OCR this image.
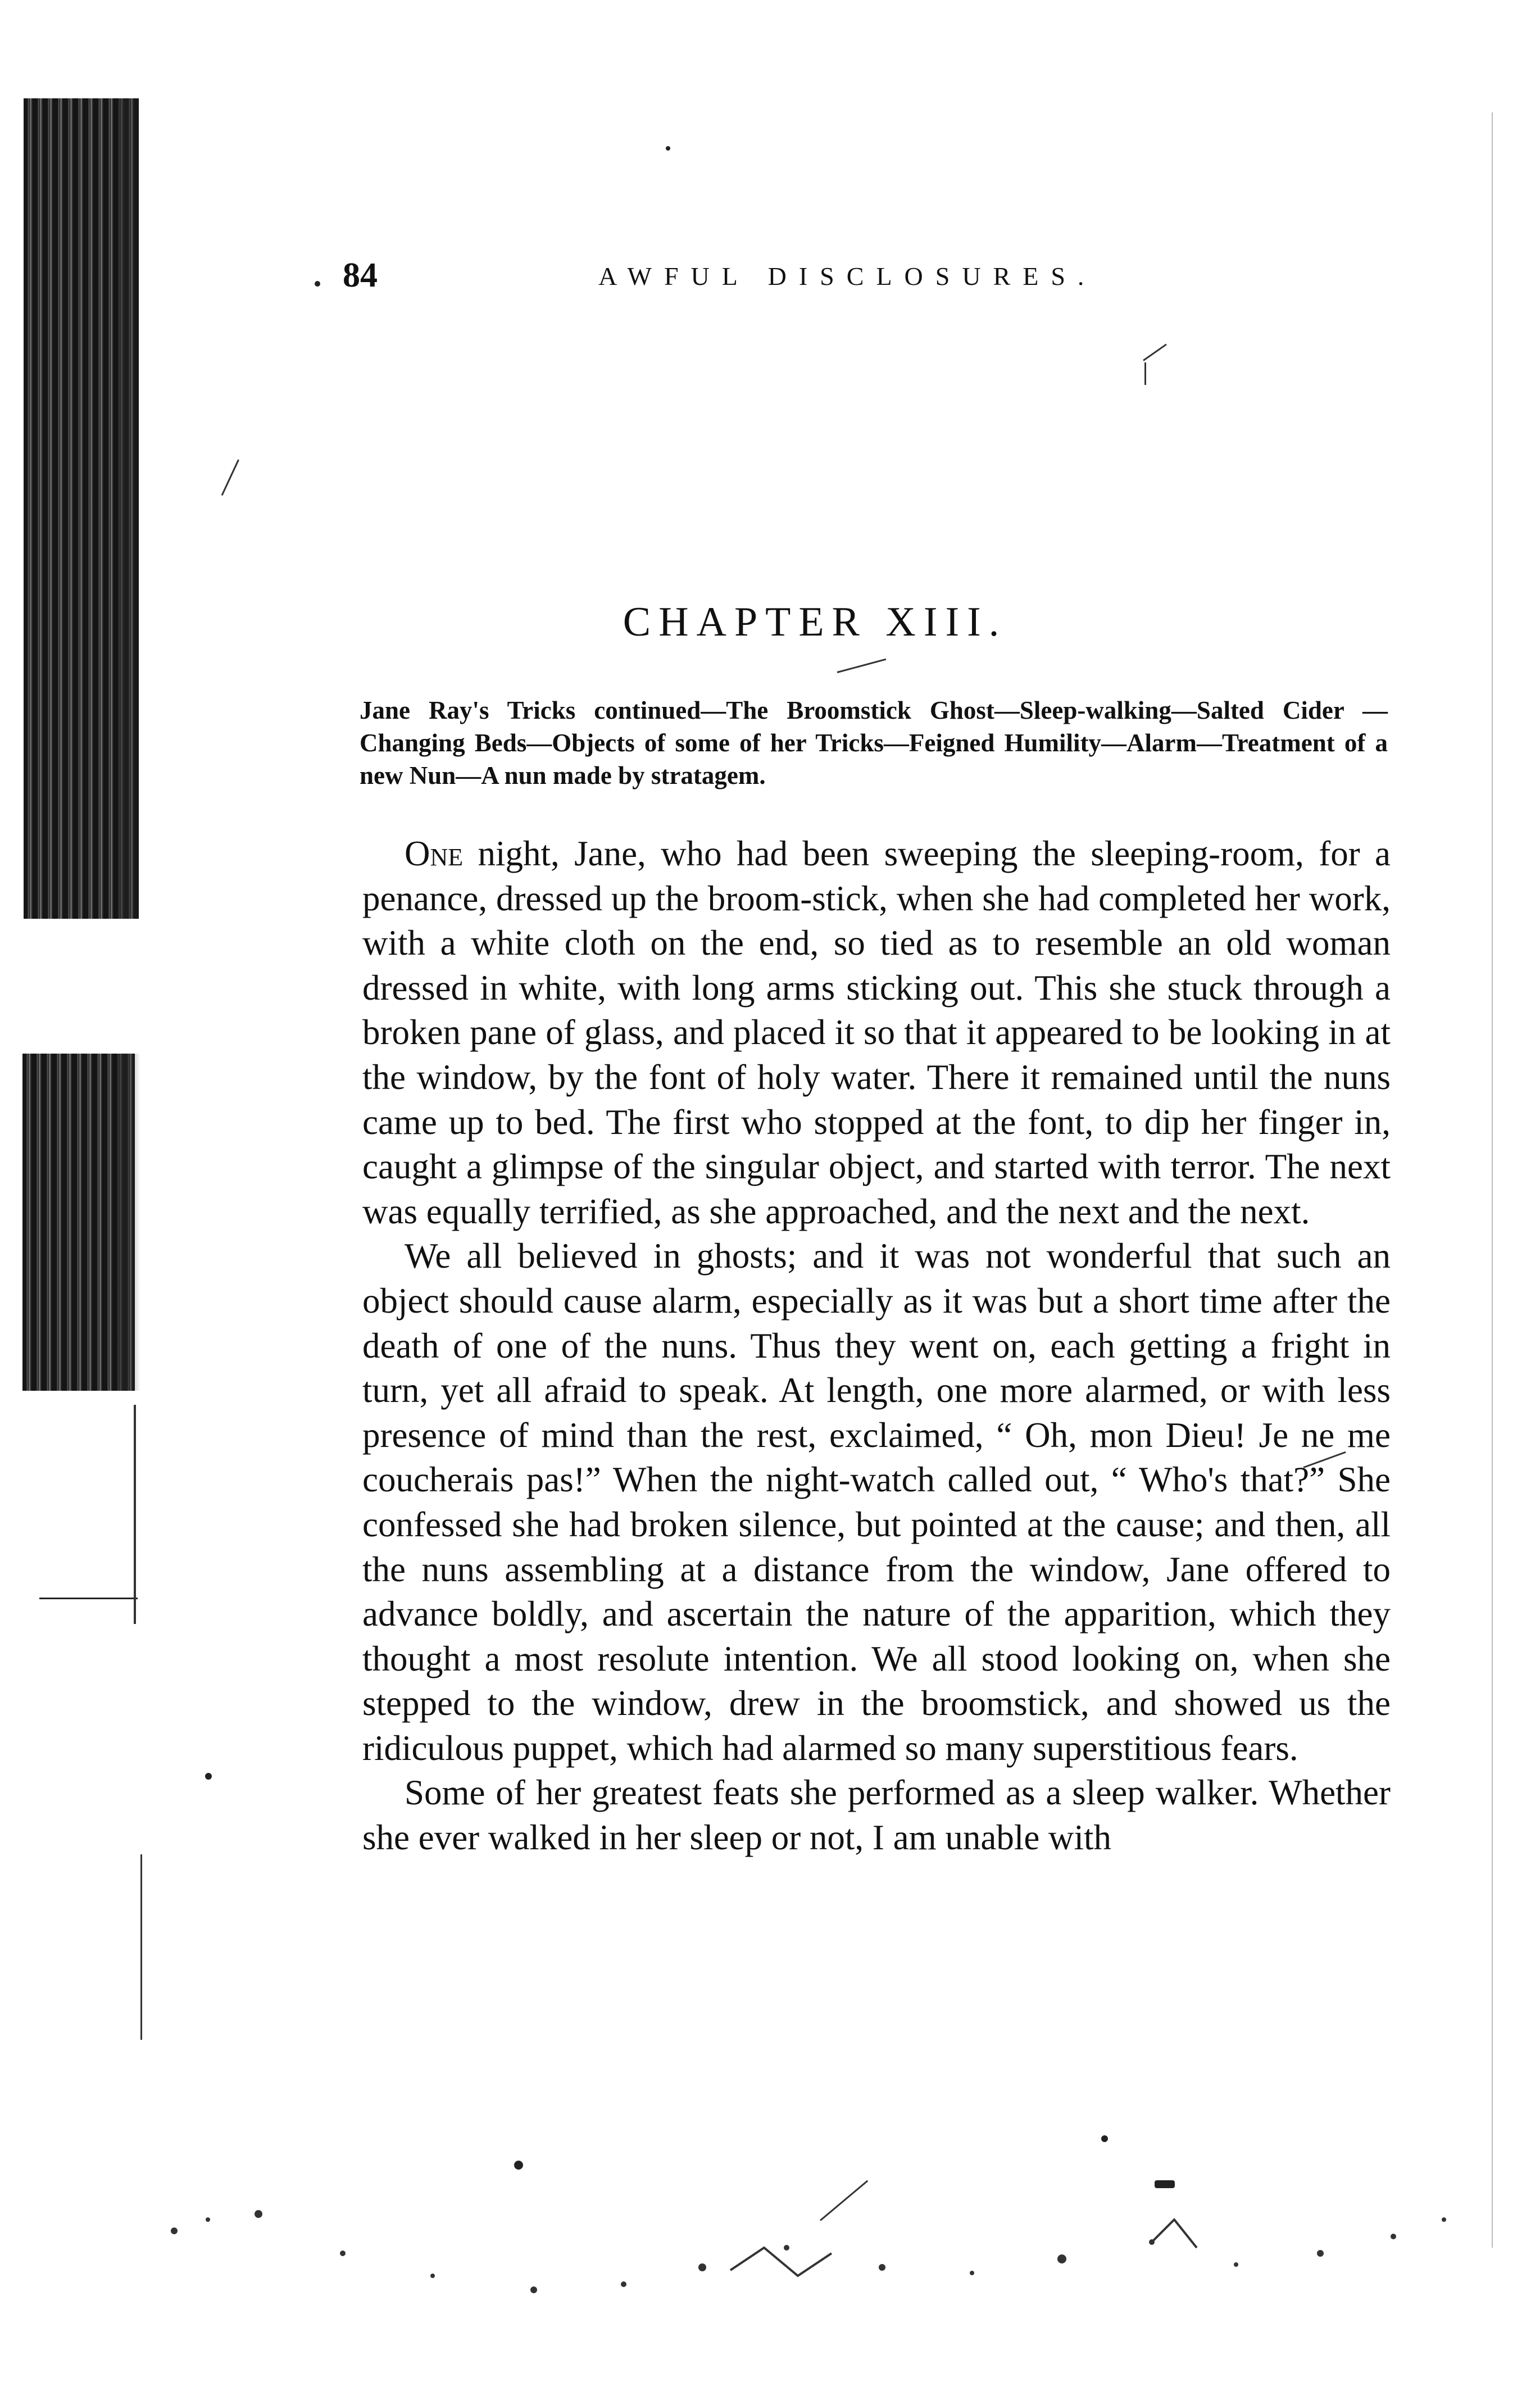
84	AWFUL DISCLOSURES.
CHAPTER XIII.
Jane Ray's Tricks continued—The Broomstick Ghost—Sleep-walking—Salted Cider —Changing Beds—Objects of some of her Tricks—Feigned Humility—Alarm—Treatment of a new Nun—A nun made by stratagem.

One night, Jane, who had been sweeping the sleeping-room, for a penance, dressed up the broom-stick, when she had completed her work, with a white cloth on the end, so tied as to resemble an old woman dressed in white, with long arms sticking out. This she stuck through a broken pane of glass, and placed it so that it appeared to be looking in at the window, by the font of holy water. There it remained until the nuns came up to bed. The first who stopped at the font, to dip her finger in, caught a glimpse of the singular object, and started with terror. The next was equally terrified, as she approached, and the next and the next.

We all believed in ghosts; and it was not wonderful that such an object should cause alarm, especially as it was but a short time after the death of one of the nuns. Thus they went on, each getting a fright in turn, yet all afraid to speak. At length, one more alarmed, or with less presence of mind than the rest, exclaimed, “ Oh, mon Dieu! Je ne me coucherais pas!” When the night-watch called out, “ Who's that?” She confessed she had broken silence, but pointed at the cause; and then, all the nuns assembling at a distance from the window, Jane offered to advance boldly, and ascertain the nature of the apparition, which they thought a most resolute intention. We all stood looking on, when she stepped to the window, drew in the broomstick, and showed us the ridiculous puppet, which had alarmed so many superstitious fears.

Some of her greatest feats she performed as a sleep walker. Whether she ever walked in her sleep or not, I am unable with
